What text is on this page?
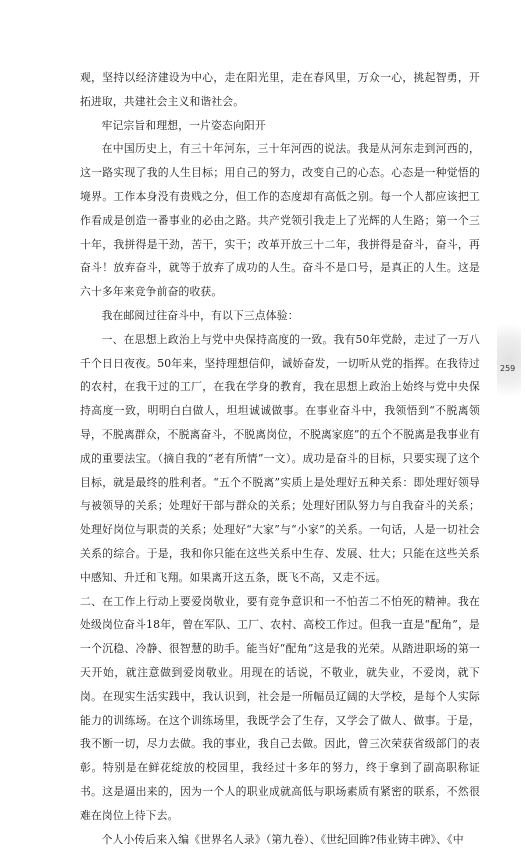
观，坚持以经济建设为中心，走在阳光里，走在春风里，万众一心，挑起智勇，开拓进取，共建社会主义和谐社会。

牢记宗旨和理想，一片姿态向阳开

在中国历史上，有三十年河东，三十年河西的说法。我是从河东走到河西的，这一路实现了我的人生目标；用自己的努力，改变自己的心态。心态是一种觉悟的境界。工作本身没有贵贱之分，但工作的态度却有高低之别。每一个人都应该把工作看成是创造一番事业的必由之路。共产党领引我走上了光辉的人生路；第一个三十年，我拼得是干劲，苦干，实干；改革开放三十二年，我拼得是奋斗，奋斗，再奋斗！放弃奋斗，就等于放弃了成功的人生。奋斗不是口号，是真正的人生。这是六十多年来竞争前奋的收获。

我在邮阅过往奋斗中，有以下三点体验：

一、在思想上政治上与党中央保持高度的一致。我有50年党龄，走过了一万八千个日日夜夜。50年来，坚持理想信仰，诚娇奋发，一切听从党的指挥。在我待过的农村，在我干过的工厂，在我在学身的教育，我在思想上政治上始终与党中央保持高度一致，明明白白做人，坦坦诚诚做事。在事业奋斗中，我领悟到“不脱离领导，不脱离群众，不脱离奋斗，不脱离岗位，不脱离家庭”的五个不脱离是我事业有成的重要法宝。（摘自我的“老有所情”一文）。成功是奋斗的目标，只要实现了这个目标，就是最终的胜利者。“五个不脱离”实质上是处理好五种关系：即处理好领导与被领导的关系；处理好干部与群众的关系；处理好团队努力与自我奋斗的关系；处理好岗位与职责的关系；处理好“大家”与“小家”的关系。一句话，人是一切社会关系的综合。于是，我和你只能在这些关系中生存、发展、壮大；只能在这些关系中感知、升迁和飞翔。如果离开这五条，既飞不高，又走不远。

二、在工作上行动上要爱岗敬业，要有竞争意识和一不怕苦二不怕死的精神。我在处级岗位奋斗18年，曾在军队、工厂、农村、高校工作过。但我一直是“配角”，是一个沉稳、冷静、很智慧的助手。能当好“配角”这是我的光荣。从踏进职场的第一天开始，就注意做到爱岗敬业。用现在的话说，不敬业，就失业，不爱岗，就下岗。在现实生活实践中，我认识到，社会是一所幅员辽阔的大学校，是每个人实际能力的训练场。在这个训练场里，我既学会了生存，又学会了做人、做事。于是，我不断一切，尽力去做。我的事业，我自己去做。因此，曾三次荣获省级部门的表彰。特别是在鲜花绽放的校园里，我经过十多年的努力，终于拿到了副高职称证书。这是逼出来的，因为一个人的职业成就高低与职场素质有紧密的联系，不然很难在岗位上待下去。

个人小传后来入编《世界名人录》（第九卷）、《世纪回眸?伟业铸丰碑》、《中

259
